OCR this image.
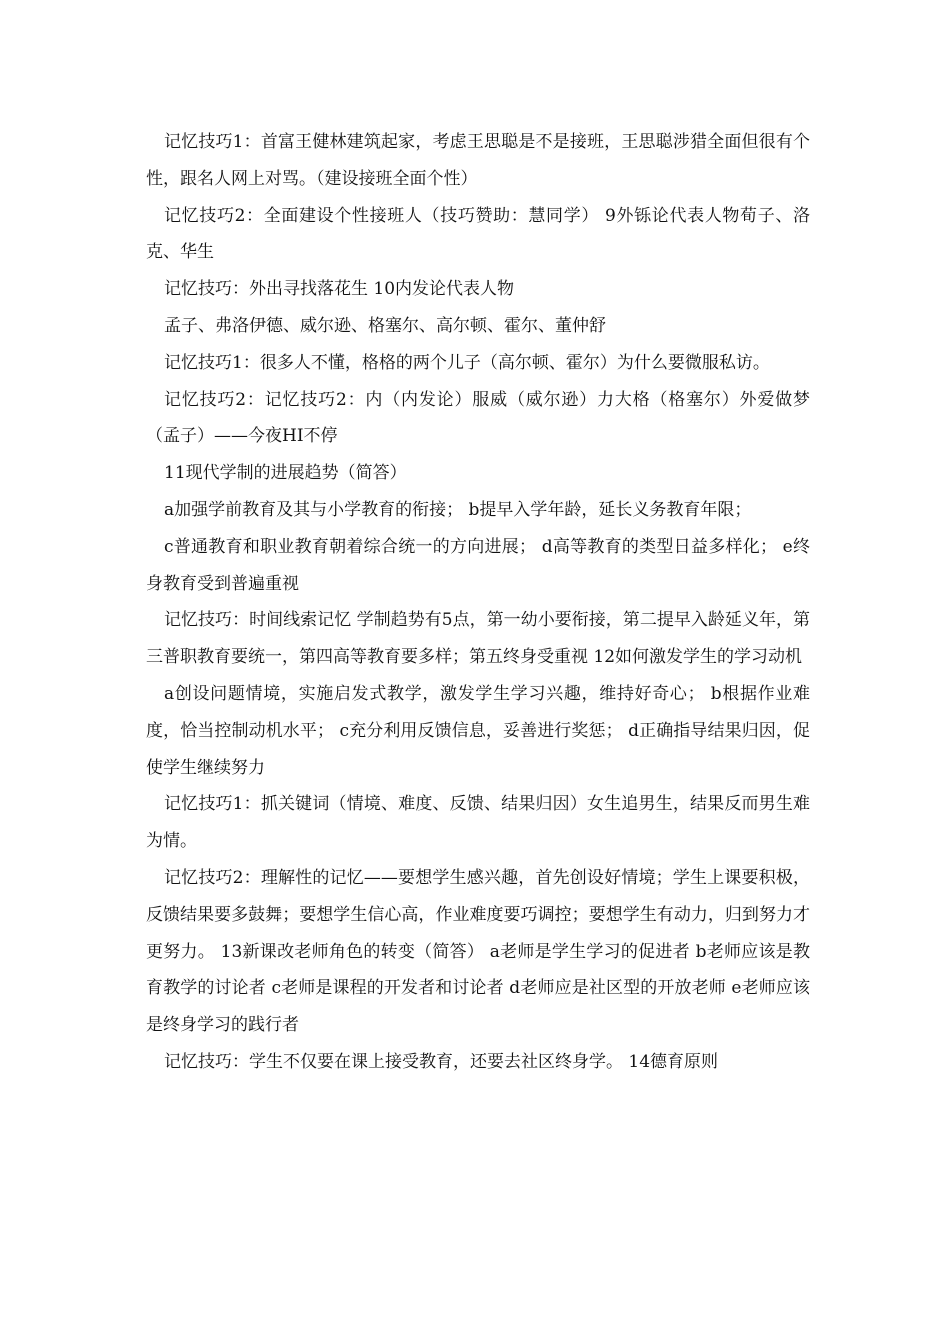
记忆技巧1：首富王健林建筑起家，考虑王思聪是不是接班，王思聪涉猎全面但很有个性，跟名人网上对骂。（建设接班全面个性）

记忆技巧2：全面建设个性接班人（技巧赞助：慧同学） 9外铄论代表人物荀子、洛克、华生

记忆技巧：外出寻找落花生 10内发论代表人物

孟子、弗洛伊德、威尔逊、格塞尔、高尔顿、霍尔、董仲舒

记忆技巧1：很多人不懂，格格的两个儿子（高尔顿、霍尔）为什么要微服私访。

记忆技巧2：记忆技巧2：内（内发论）服威（威尔逊）力大格（格塞尔）外爱做梦（孟子）——今夜HI不停

11现代学制的进展趋势（简答）

a加强学前教育及其与小学教育的衔接； b提早入学年龄，延长义务教育年限；

c普通教育和职业教育朝着综合统一的方向进展； d高等教育的类型日益多样化； e终身教育受到普遍重视

记忆技巧：时间线索记忆 学制趋势有5点，第一幼小要衔接，第二提早入龄延义年，第三普职教育要统一，第四高等教育要多样；第五终身受重视 12如何激发学生的学习动机

a创设问题情境，实施启发式教学，激发学生学习兴趣，维持好奇心； b根据作业难度，恰当控制动机水平； c充分利用反馈信息，妥善进行奖惩； d正确指导结果归因，促使学生继续努力

记忆技巧1：抓关键词（情境、难度、反馈、结果归因）女生追男生，结果反而男生难为情。

记忆技巧2：理解性的记忆——要想学生感兴趣，首先创设好情境；学生上课要积极，反馈结果要多鼓舞；要想学生信心高，作业难度要巧调控；要想学生有动力，归到努力才更努力。 13新课改老师角色的转变（简答） a老师是学生学习的促进者 b老师应该是教育教学的讨论者 c老师是课程的开发者和讨论者 d老师应是社区型的开放老师 e老师应该是终身学习的践行者

记忆技巧：学生不仅要在课上接受教育，还要去社区终身学。 14德育原则
